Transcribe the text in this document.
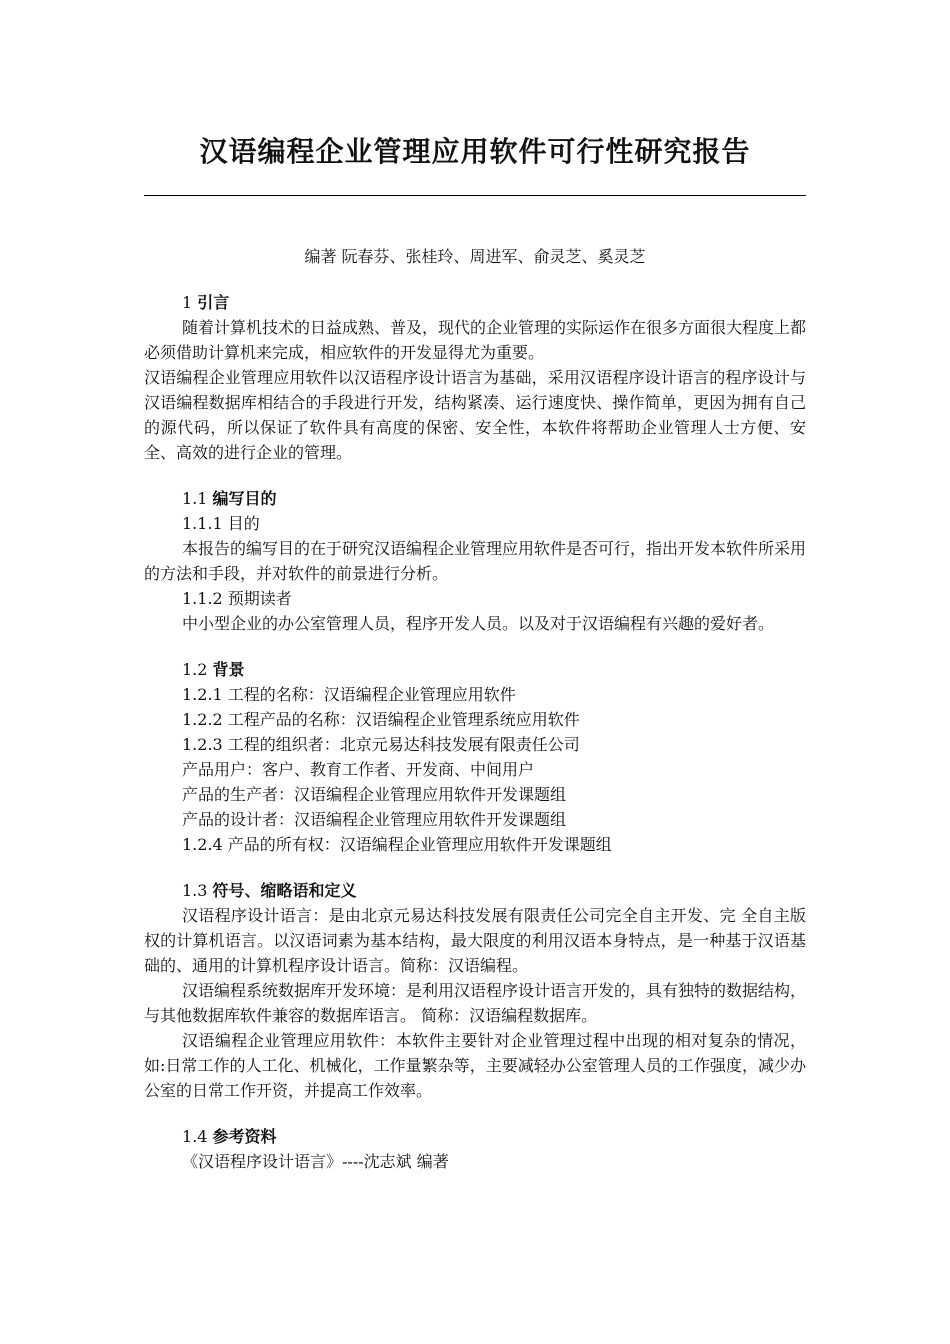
汉语编程企业管理应用软件可行性研究报告
编著 阮春芬、张桂玲、周进军、俞灵芝、奚灵芝

1 引言

随着计算机技术的日益成熟、普及，现代的企业管理的实际运作在很多方面很大程度上都必须借助计算机来完成，相应软件的开发显得尤为重要。

汉语编程企业管理应用软件以汉语程序设计语言为基础，采用汉语程序设计语言的程序设计与汉语编程数据库相结合的手段进行开发，结构紧凑、运行速度快、操作简单，更因为拥有自己的源代码，所以保证了软件具有高度的保密、安全性，本软件将帮助企业管理人士方便、安全、高效的进行企业的管理。

1.1 编写目的

1.1.1 目的

本报告的编写目的在于研究汉语编程企业管理应用软件是否可行，指出开发本软件所采用的方法和手段，并对软件的前景进行分析。

1.1.2 预期读者

中小型企业的办公室管理人员，程序开发人员。以及对于汉语编程有兴趣的爱好者。

1.2 背景

1.2.1 工程的名称：汉语编程企业管理应用软件

1.2.2 工程产品的名称：汉语编程企业管理系统应用软件

1.2.3 工程的组织者：北京元易达科技发展有限责任公司

产品用户：客户、教育工作者、开发商、中间用户

产品的生产者：汉语编程企业管理应用软件开发课题组

产品的设计者：汉语编程企业管理应用软件开发课题组

1.2.4 产品的所有权：汉语编程企业管理应用软件开发课题组

1.3 符号、缩略语和定义

汉语程序设计语言：是由北京元易达科技发展有限责任公司完全自主开发、完 全自主版权的计算机语言。以汉语词素为基本结构，最大限度的利用汉语本身特点，是一种基于汉语基础的、通用的计算机程序设计语言。简称：汉语编程。

汉语编程系统数据库开发环境：是利用汉语程序设计语言开发的，具有独特的数据结构，与其他数据库软件兼容的数据库语言。 简称：汉语编程数据库。

汉语编程企业管理应用软件：本软件主要针对企业管理过程中出现的相对复杂的情况，如:日常工作的人工化、机械化，工作量繁杂等，主要减轻办公室管理人员的工作强度，减少办公室的日常工作开资，并提高工作效率。

1.4 参考资料

《汉语程序设计语言》----沈志斌 编著
